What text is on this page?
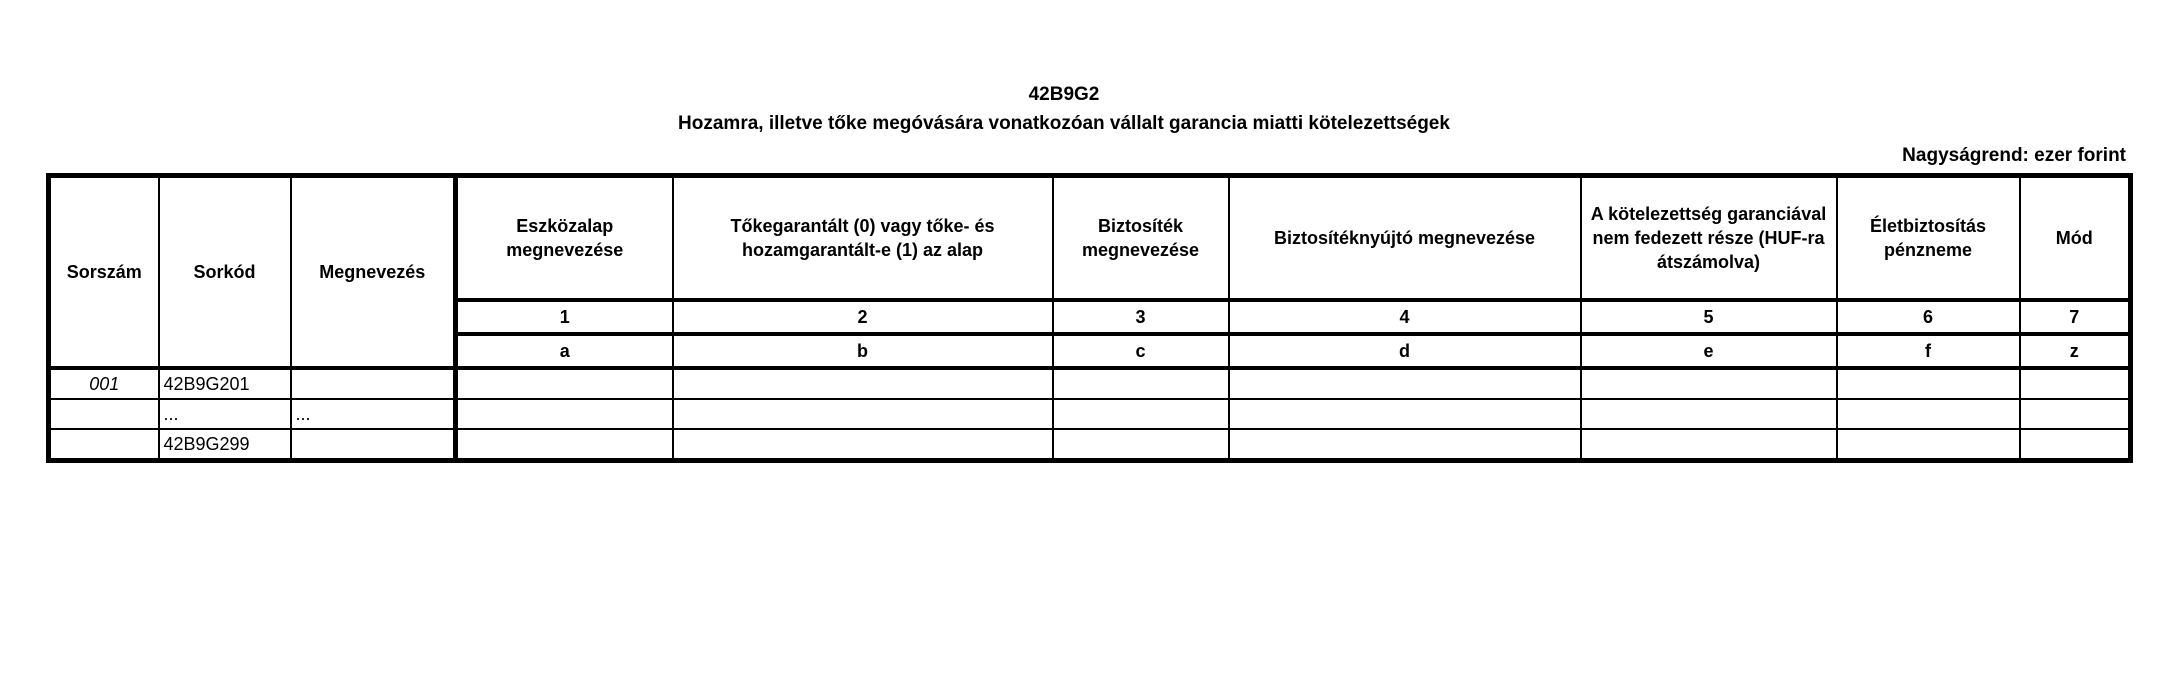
42B9G2
Hozamra, illetve tőke megóvására vonatkozóan vállalt garancia miatti kötelezettségek
Nagyságrend: ezer forint
Sorszám	Sorkód	Megnevezés	Eszközalap megnevezése	Tőkegarantált (0) vagy tőke- és hozamgarantált-e (1) az alap	Biztosíték megnevezése	Biztosítéknyújtó megnevezése	A kötelezettség garanciával nem fedezett része (HUF-ra átszámolva)	Életbiztosítás pénzneme	Mód
			1	2	3	4	5	6	7
			a	b	c	d	e	f	z
001	42B9G201								
	...	...							
	42B9G299								
